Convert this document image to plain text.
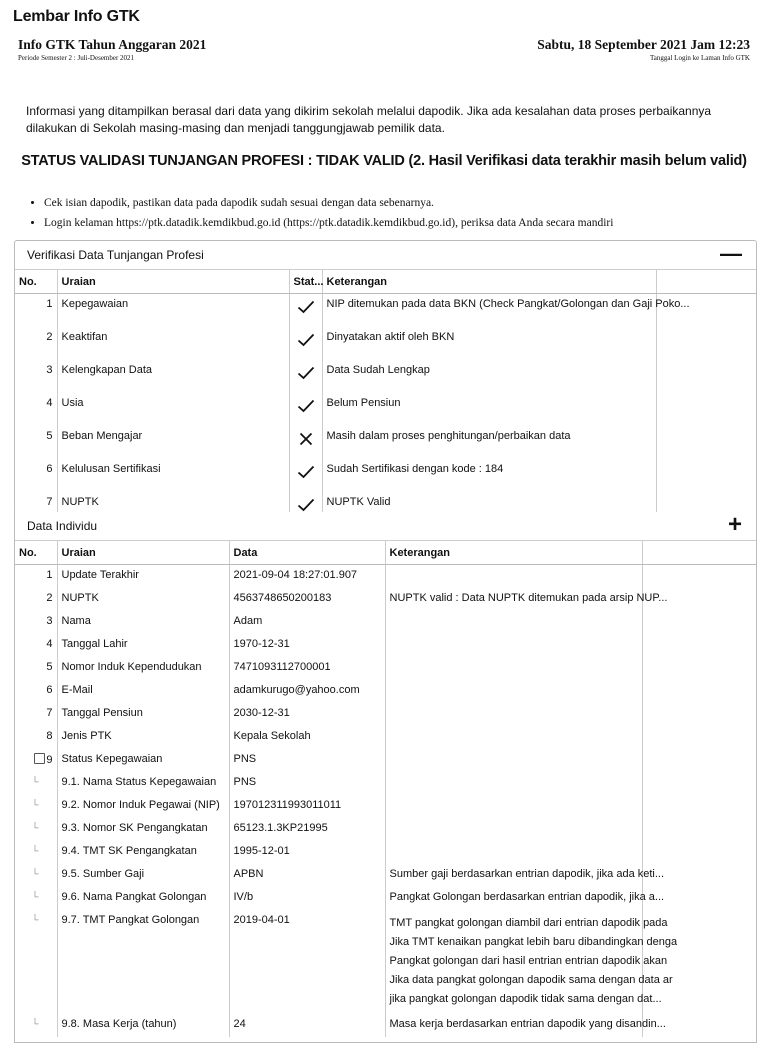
Lembar Info GTK
Info GTK Tahun Anggaran 2021
Periode Semester 2 : Juli-Desember 2021
Sabtu, 18 September 2021 Jam 12:23
Tanggal Login ke Laman Info GTK
Informasi yang ditampilkan berasal dari data yang dikirim sekolah melalui dapodik. Jika ada kesalahan data proses perbaikannya dilakukan di Sekolah masing-masing dan menjadi tanggungjawab pemilik data.
STATUS VALIDASI TUNJANGAN PROFESI : TIDAK VALID (2. Hasil Verifikasi data terakhir masih belum valid)
• Cek isian dapodik, pastikan data pada dapodik sudah sesuai dengan data sebenarnya.
• Login kelaman https://ptk.datadik.kemdikbud.go.id (https://ptk.datadik.kemdikbud.go.id), periksa data Anda secara mandiri
Verifikasi Data Tunjangan Profesi	—
No.	Uraian	Stat...	Keterangan	
1	Kepegawaian		NIP ditemukan pada data BKN (Check Pangkat/Golongan dan Gaji Poko...	
2	Keaktifan		Dinyatakan aktif oleh BKN	
3	Kelengkapan Data		Data Sudah Lengkap	
4	Usia		Belum Pensiun	
5	Beban Mengajar		Masih dalam proses penghitungan/perbaikan data	
6	Kelulusan Sertifikasi		Sudah Sertifikasi dengan kode : 184	
7	NUPTK		NUPTK Valid	
Data Individu	+
No.	Uraian	Data	Keterangan	
1	Update Terakhir	2021-09-04 18:27:01.907		
2	NUPTK	4563748650200183	NUPTK valid : Data NUPTK ditemukan pada arsip NUP...	
3	Nama	Adam		
4	Tanggal Lahir	1970-12-31		
5	Nomor Induk Kependudukan	7471093112700001		
6	E-Mail	adamkurugo@yahoo.com		
7	Tanggal Pensiun	2030-12-31		
8	Jenis PTK	Kepala Sekolah		
9	Status Kepegawaian	PNS		
└	9.1. Nama Status Kepegawaian	PNS		
└	9.2. Nomor Induk Pegawai (NIP)	197012311993011011		
└	9.3. Nomor SK Pengangkatan	65123.1.3KP21995		
└	9.4. TMT SK Pengangkatan	1995-12-01		
└	9.5. Sumber Gaji	APBN	Sumber gaji berdasarkan entrian dapodik, jika ada keti...	
└	9.6. Nama Pangkat Golongan	IV/b	Pangkat Golongan berdasarkan entrian dapodik, jika a...	
└	9.7. TMT Pangkat Golongan	2019-04-01	TMT pangkat golongan diambil dari entrian dapodik pada
Jika TMT kenaikan pangkat lebih baru dibandingkan denga
Pangkat golongan dari hasil entrian entrian dapodik akan
Jika data pangkat golongan dapodik sama dengan data ar
jika pangkat golongan dapodik tidak sama dengan dat...	

└	9.8. Masa Kerja (tahun)	24	Masa kerja berdasarkan entrian dapodik yang disandin...	
